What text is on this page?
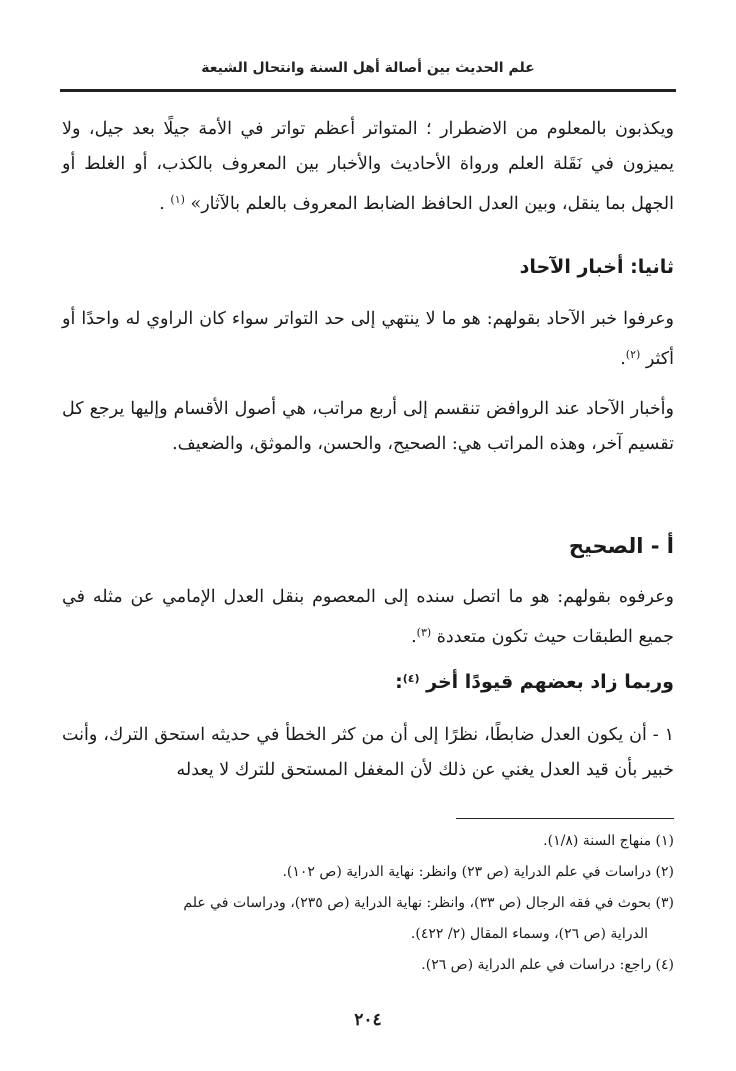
علم الحديث بين أصالة أهل السنة وانتحال الشيعة

ويكذبون بالمعلوم من الاضطرار ؛ المتواتر أعظم تواتر في الأمة جيلًا بعد جيل، ولا يميزون في نَقَلة العلم ورواة الأحاديث والأخبار بين المعروف بالكذب، أو الغلط أو الجهل بما ينقل، وبين العدل الحافظ الضابط المعروف بالعلم بالآثار» $^{(١)}$ .

ثانيا: أخبار الآحاد

وعرفوا خبر الآحاد بقولهم: هو ما لا ينتهي إلى حد التواتر سواء كان الراوي له واحدًا أو أكثر $^{(٢)}$.

وأخبار الآحاد عند الروافض تنقسم إلى أربع مراتب، هي أصول الأقسام وإليها يرجع كل تقسيم آخر، وهذه المراتب هي: الصحيح، والحسن، والموثق، والضعيف.

أ - الصحيح

وعرفوه بقولهم: هو ما اتصل سنده إلى المعصوم بنقل العدل الإمامي عن مثله في جميع الطبقات حيث تكون متعددة $^{(٣)}$.

وربما زاد بعضهم قيودًا أخر $^{(٤)}$:

١ - أن يكون العدل ضابطًا، نظرًا إلى أن من كثر الخطأ في حديثه استحق الترك، وأنت خبير بأن قيد العدل يغني عن ذلك لأن المغفل المستحق للترك لا يعدله

(١) منهاج السنة (١/٨).

(٢) دراسات في علم الدراية (ص ٢٣) وانظر: نهاية الدراية (ص ١٠٢).

(٣) بحوث في فقه الرجال (ص ٣٣)، وانظر: نهاية الدراية (ص ٢٣٥)، ودراسات في علم

الدراية (ص ٢٦)، وسماء المقال (٢/ ٤٢٢).

(٤) راجع: دراسات في علم الدراية (ص ٢٦).

٢٠٤
